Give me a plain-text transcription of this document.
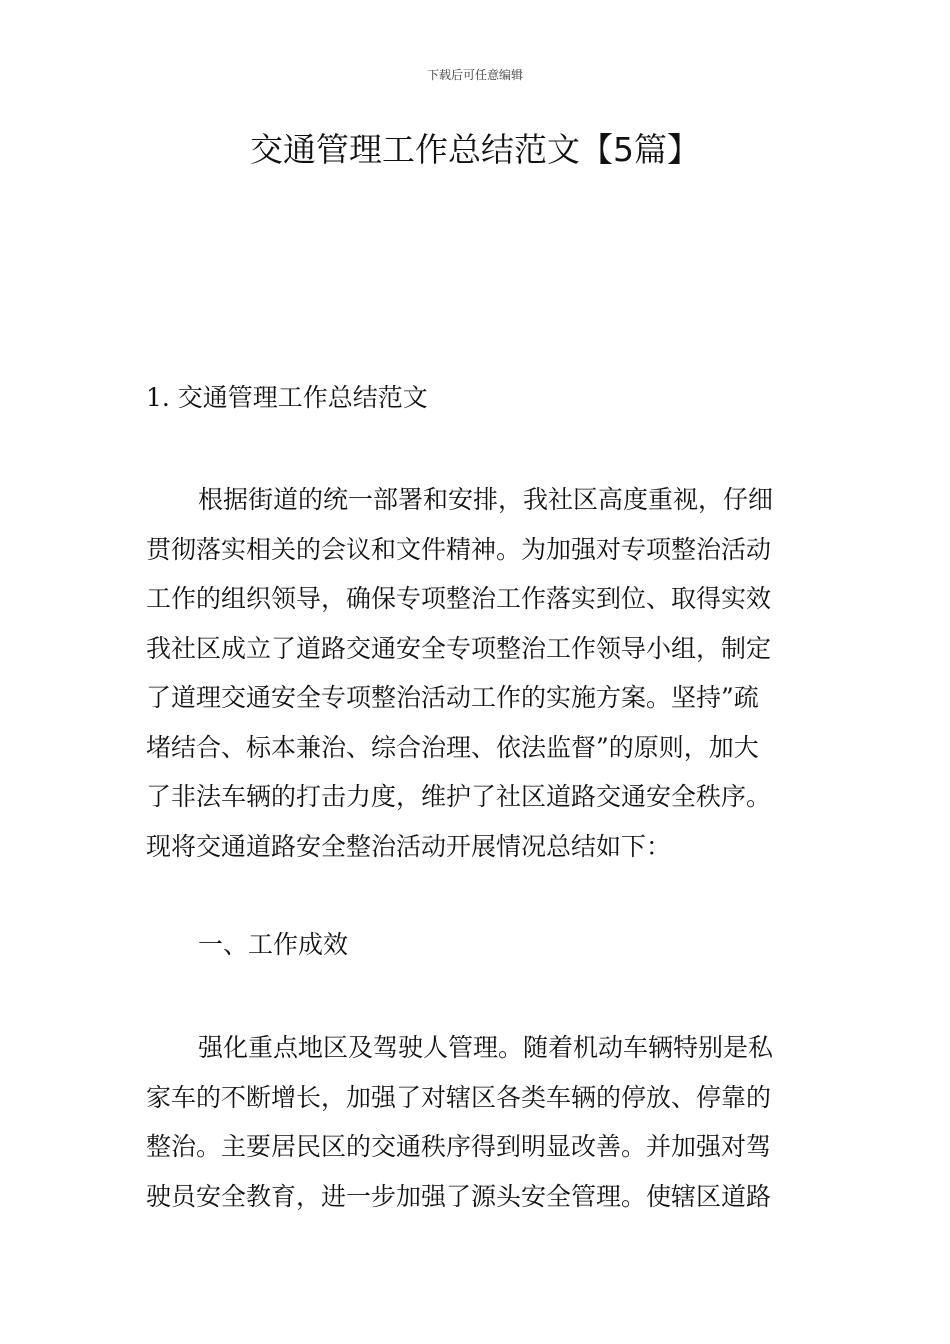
下载后可任意编辑
交通管理工作总结范文【5篇】
1. 交通管理工作总结范文
根据街道的统一部署和安排，我社区高度重视，仔细
贯彻落实相关的会议和文件精神。为加强对专项整治活动
工作的组织领导，确保专项整治工作落实到位、取得实效
我社区成立了道路交通安全专项整治工作领导小组，制定
了道理交通安全专项整治活动工作的实施方案。坚持”疏
堵结合、标本兼治、综合治理、依法监督”的原则，加大
了非法车辆的打击力度，维护了社区道路交通安全秩序。
现将交通道路安全整治活动开展情况总结如下：
一、工作成效
强化重点地区及驾驶人管理。随着机动车辆特别是私
家车的不断增长，加强了对辖区各类车辆的停放、停靠的
整治。主要居民区的交通秩序得到明显改善。并加强对驾
驶员安全教育，进一步加强了源头安全管理。使辖区道路
